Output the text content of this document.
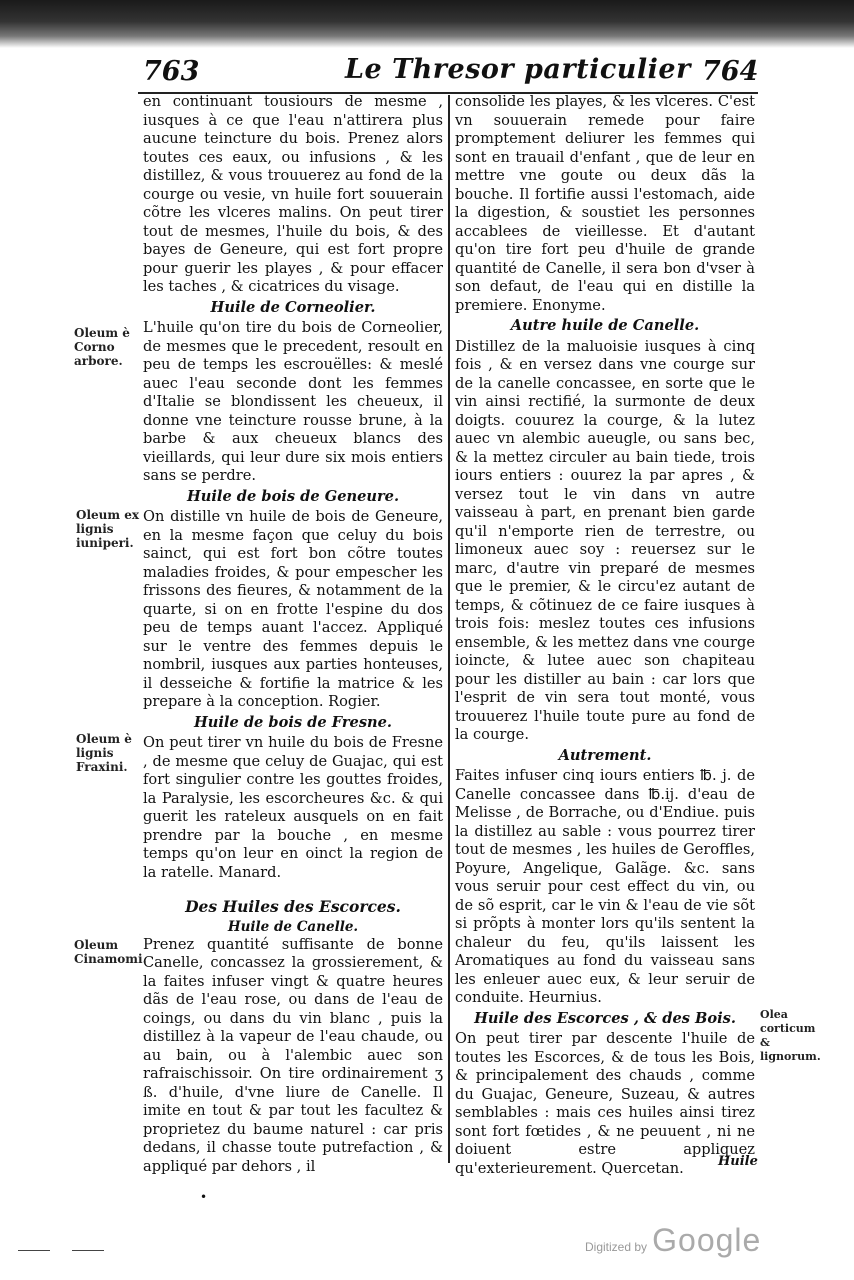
763	Le Thresor particulier 764

en continuant tousiours de mesme , iusques à ce que l'eau n'attirera plus aucune teincture du bois. Prenez alors toutes ces eaux, ou infusions , & les distillez, & vous trouuerez au fond de la courge ou vesie, vn huile fort souuerain cõtre les vlceres malins. On peut tirer tout de mesmes, l'huile du bois, & des bayes de Geneure, qui est fort propre pour guerir les playes , & pour effacer les taches , & cicatrices du visage.

Huile de Corneolier.

L'huile qu'on tire du bois de Corneolier, de mesmes que le precedent, resoult en peu de temps les escrouëlles: & meslé auec l'eau seconde dont les femmes d'Italie se blondissent les cheueux, il donne vne teincture rousse brune, à la barbe & aux cheueux blancs des vieillards, qui leur dure six mois entiers sans se perdre.

Huile de bois de Geneure.

On distille vn huile de bois de Geneure, en la mesme façon que celuy du bois sainct, qui est fort bon cõtre toutes maladies froides, & pour empescher les frissons des fieures, & notamment de la quarte, si on en frotte l'espine du dos peu de temps auant l'accez. Appliqué sur le ventre des femmes depuis le nombril, iusques aux parties honteuses, il desseiche & fortifie la matrice & les prepare à la conception. Rogier.

Huile de bois de Fresne.

On peut tirer vn huile du bois de Fresne , de mesme que celuy de Guajac, qui est fort singulier contre les gouttes froides, la Paralysie, les escorcheures &c. & qui guerit les rateleux ausquels on en fait prendre par la bouche , en mesme temps qu'on leur en oinct la region de la ratelle. Manard.

Des Huiles des Escorces.
Huile de Canelle.

Prenez quantité suffisante de bonne Canelle, concassez la grossierement, & la faites infuser vingt & quatre heures dãs de l'eau rose, ou dans de l'eau de coings, ou dans du vin blanc , puis la distillez à la vapeur de l'eau chaude, ou au bain, ou à l'alembic auec son rafraischissoir. On tire ordinairement ʒ ß. d'huile, d'vne liure de Canelle. Il imite en tout & par tout les facultez & proprietez du baume naturel : car pris dedans, il chasse toute putrefaction , & appliqué par dehors , il

consolide les playes, & les vlceres. C'est vn souuerain remede pour faire promptement deliurer les femmes qui sont en trauail d'enfant , que de leur en mettre vne goute ou deux dãs la bouche. Il fortifie aussi l'estomach, aide la digestion, & soustiet les personnes accablees de vieillesse. Et d'autant qu'on tire fort peu d'huile de grande quantité de Canelle, il sera bon d'vser à son defaut, de l'eau qui en distille la premiere. Enonyme.

Autre huile de Canelle.

Distillez de la maluoisie iusques à cinq fois , & en versez dans vne courge sur de la canelle concassee, en sorte que le vin ainsi rectifié, la surmonte de deux doigts. couurez la courge, & la lutez auec vn alembic aueugle, ou sans bec, & la mettez circuler au bain tiede, trois iours entiers : ouurez la par apres , & versez tout le vin dans vn autre vaisseau à part, en prenant bien garde qu'il n'emporte rien de terrestre, ou limoneux auec soy : reuersez sur le marc, d'autre vin preparé de mesmes que le premier, & le circu'ez autant de temps, & cõtinuez de ce faire iusques à trois fois: meslez toutes ces infusions ensemble, & les mettez dans vne courge ioincte, & lutee auec son chapiteau pour les distiller au bain : car lors que l'esprit de vin sera tout monté, vous trouuerez l'huile toute pure au fond de la courge.

Autrement.

Faites infuser cinq iours entiers ℔. j. de Canelle concassee dans ℔.ij. d'eau de Melisse , de Borrache, ou d'Endiue. puis la distillez au sable : vous pourrez tirer tout de mesmes , les huiles de Geroffles, Poyure, Angelique, Galãge. &c. sans vous seruir pour cest effect du vin, ou de sõ esprit, car le vin & l'eau de vie sõt si prõpts à monter lors qu'ils sentent la chaleur du feu, qu'ils laissent les Aromatiques au fond du vaisseau sans les enleuer auec eux, & leur seruir de conduite. Heurnius.

Huile des Escorces , & des Bois.

On peut tirer par descente l'huile de toutes les Escorces, & de tous les Bois, & principalement des chauds , comme du Guajac, Geneure, Suzeau, & autres semblables : mais ces huiles ainsi tirez sont fort fœtides , & ne peuuent , ni ne doiuent estre appliquez qu'exterieurement. Quercetan.

Oleum è Corno arbore.
Oleum ex lignis iuniperi.
Oleum è lignis Fraxini.
Oleum Cinamomi.
Olea corticum & lignorum.
Huile
•
Digitized by Google
